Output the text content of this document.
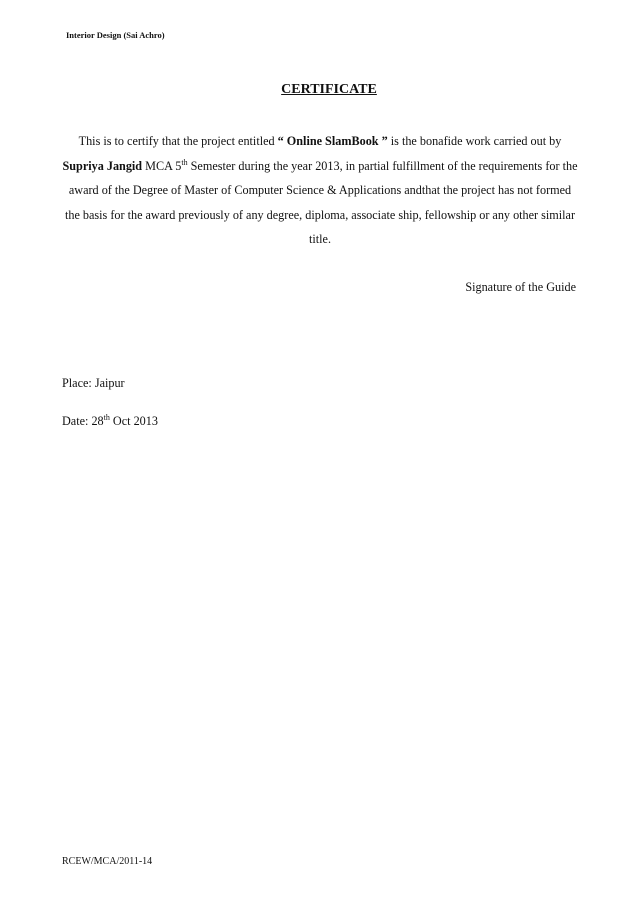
Interior Design (Sai Achro)
CERTIFICATE

This is to certify that the project entitled “ Online SlamBook ” is the bonafide work carried out by Supriya Jangid MCA 5th Semester during the year 2013, in partial fulfillment of the requirements for the award of the Degree of Master of Computer Science & Applications andthat the project has not formed the basis for the award previously of any degree, diploma, associate ship, fellowship or any other similar title.

Signature of the Guide
Place: Jaipur
Date: 28th Oct 2013
RCEW/MCA/2011-14
